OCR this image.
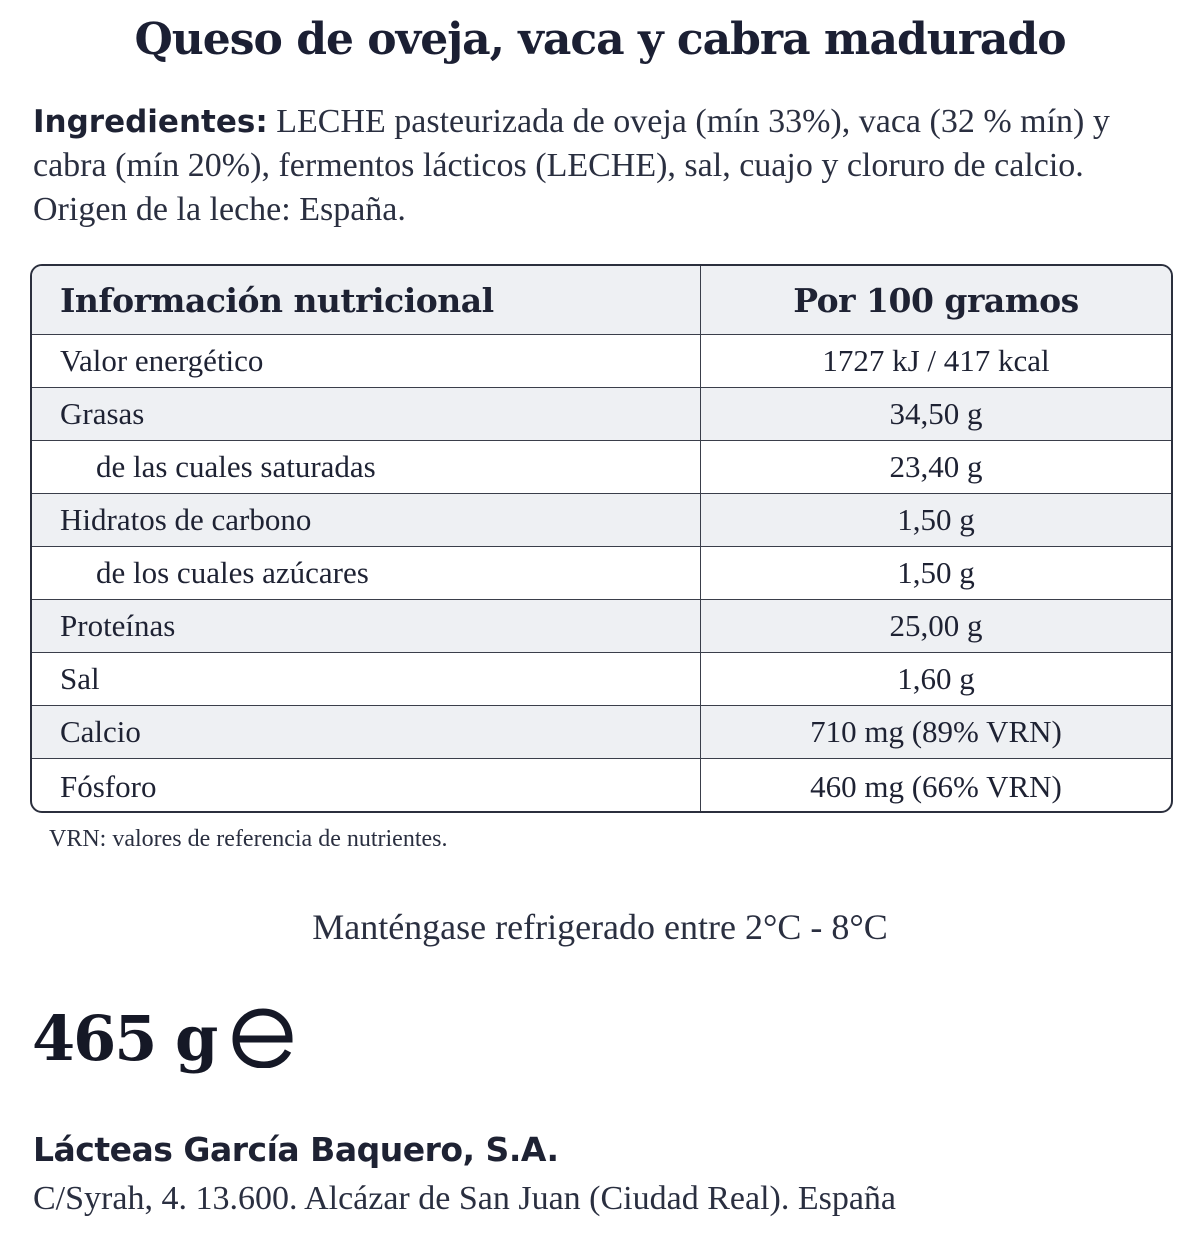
Queso de oveja, vaca y cabra madurado
Ingredientes: LECHE pasteurizada de oveja (mín 33%), vaca (32 % mín) y cabra (mín 20%), fermentos lácticos (LECHE), sal, cuajo y cloruro de calcio.
Origen de la leche: España.
Información nutricional	Por 100 gramos
Valor energético	1727 kJ / 417 kcal
Grasas	34,50 g
de las cuales saturadas	23,40 g
Hidratos de carbono	1,50 g
de los cuales azúcares	1,50 g
Proteínas	25,00 g
Sal	1,60 g
Calcio	710 mg (89% VRN)
Fósforo	460 mg (66% VRN)
VRN: valores de referencia de nutrientes.
Manténgase refrigerado entre 2°C - 8°C
465 g
Lácteas García Baquero, S.A.
C/Syrah, 4. 13.600. Alcázar de San Juan (Ciudad Real). España
